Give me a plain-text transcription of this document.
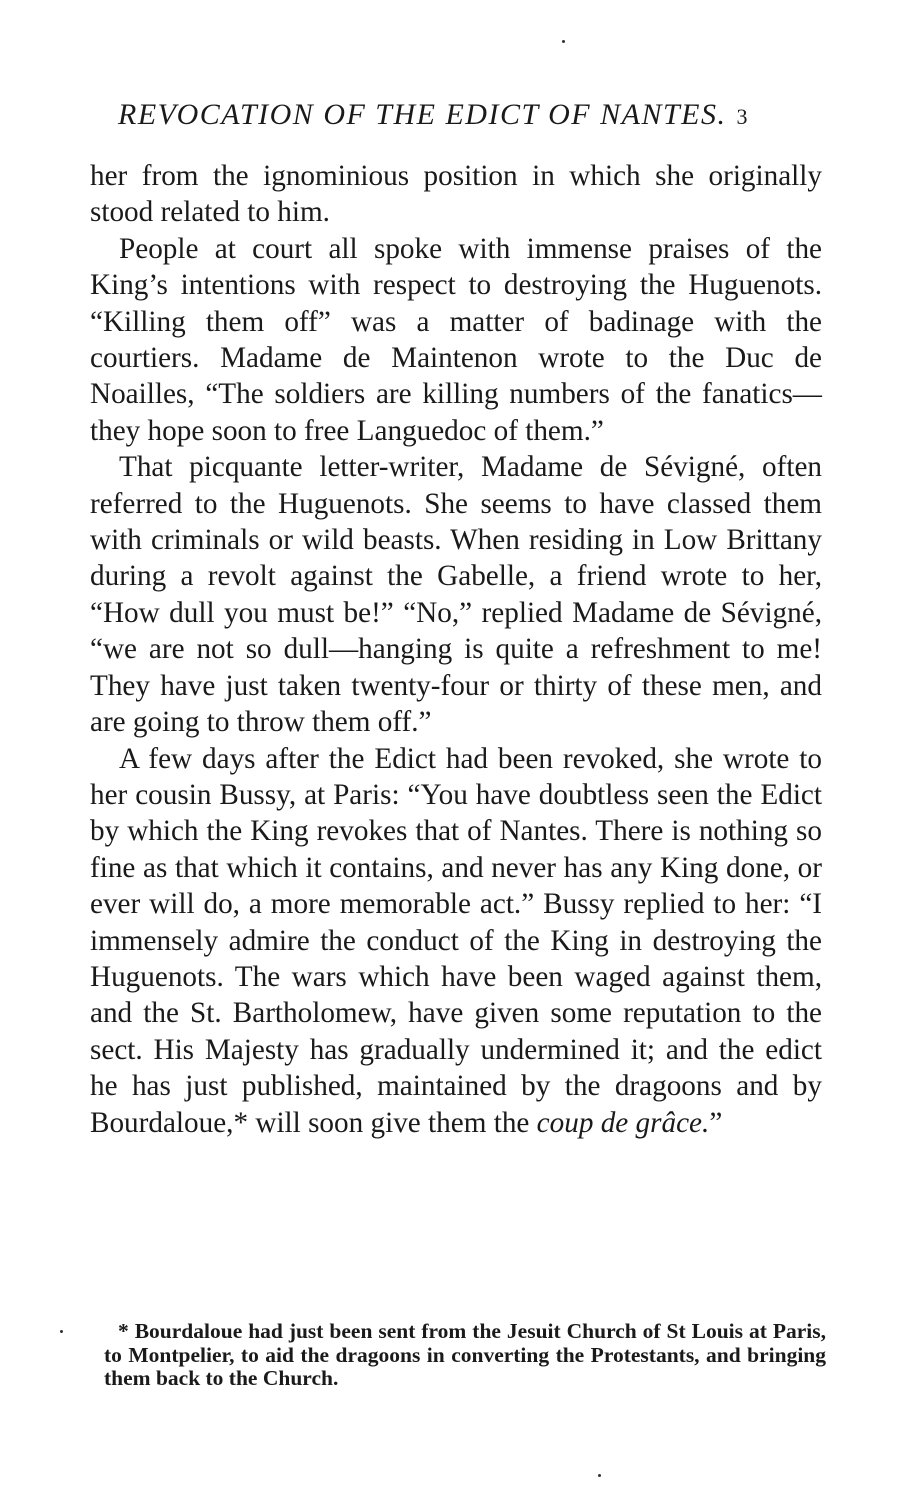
REVOCATION OF THE EDICT OF NANTES. 3

her from the ignominious position in which she originally stood related to him.

People at court all spoke with immense praises of the King’s intentions with respect to destroying the Huguenots. “Killing them off” was a matter of badinage with the courtiers. Madame de Maintenon wrote to the Duc de Noailles, “The soldiers are killing numbers of the fanatics—they hope soon to free Languedoc of them.”

That picquante letter-writer, Madame de Sévigné, often referred to the Huguenots. She seems to have classed them with criminals or wild beasts. When residing in Low Brittany during a revolt against the Gabelle, a friend wrote to her, “How dull you must be!” “No,” replied Madame de Sévigné, “we are not so dull—hanging is quite a refreshment to me! They have just taken twenty-four or thirty of these men, and are going to throw them off.”

A few days after the Edict had been revoked, she wrote to her cousin Bussy, at Paris: “You have doubtless seen the Edict by which the King revokes that of Nantes. There is nothing so fine as that which it contains, and never has any King done, or ever will do, a more memorable act.” Bussy replied to her: “I immensely admire the conduct of the King in destroying the Huguenots. The wars which have been waged against them, and the St. Bartholomew, have given some reputation to the sect. His Majesty has gradually undermined it; and the edict he has just published, maintained by the dragoons and by Bourdaloue,* will soon give them the coup de grâce.”

* Bourdaloue had just been sent from the Jesuit Church of St Louis at Paris, to Montpelier, to aid the dragoons in converting the Protestants, and bringing them back to the Church.
